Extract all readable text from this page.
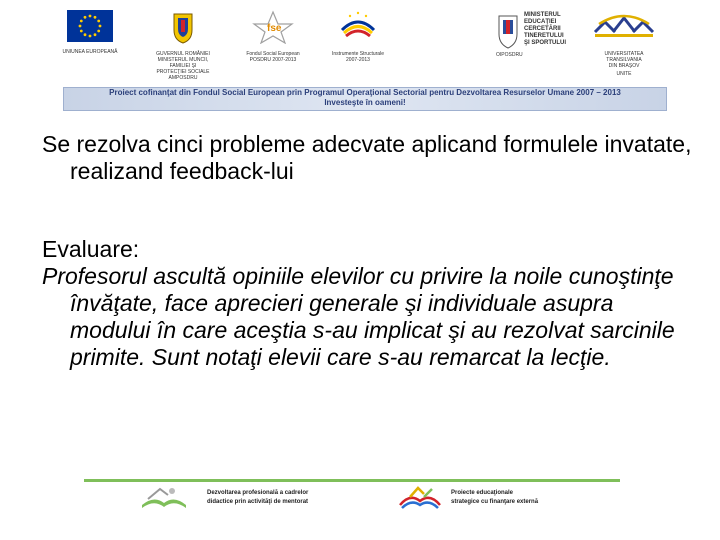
UNIUNEA EUROPEANĂ	GUVERNUL ROMÂNIEI
MINISTERUL MUNCII, FAMILIEI ŞI
PROTECŢIEI SOCIALE
AMPOSDRU
fse
Fondul Social European
POSDRU 2007-2013
Instrumente Structurale
2007-2013
MINISTERUL
EDUCAŢIEI
CERCETĂRII
TINERETULUI
ŞI SPORTULUI
OIPOSDRU	UNIVERSITATEA
TRANSILVANIA
DIN BRAŞOV
UNITE
Proiect cofinanţat din Fondul Social European prin Programul Operaţional Sectorial pentru Dezvoltarea Resurselor Umane 2007 – 2013
Investeşte în oameni!

Se rezolva cinci probleme adecvate aplicand formulele invatate, realizand feedback-lui

Evaluare:

Profesorul ascultă opiniile elevilor cu privire la noile cunoştinţe învăţate, face aprecieri generale şi individuale asupra modului în care aceştia s-au implicat şi au rezolvat sarcinile primite. Sunt notaţi elevii care s-au remarcat la lecţie.

Dezvoltarea profesională a cadrelor
didactice prin activităţi de mentorat
Proiecte educaţionale
strategice cu finanţare externă
